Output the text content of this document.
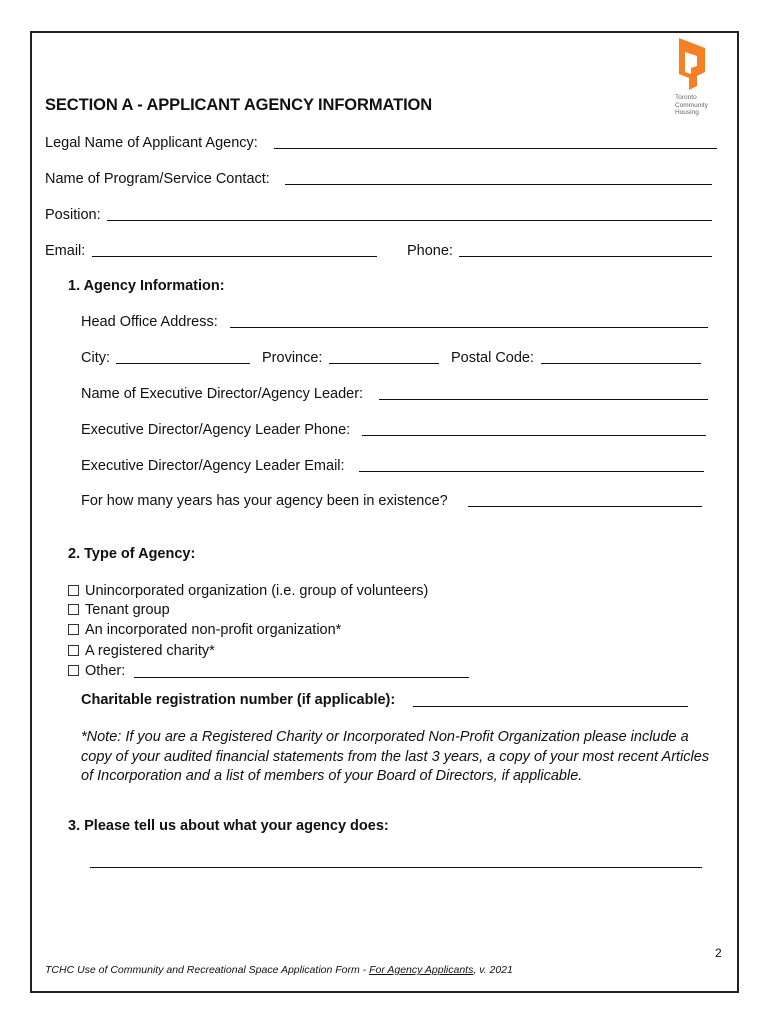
Toronto
Community
Housing
SECTION A - APPLICANT AGENCY INFORMATION
Legal Name of Applicant Agency:
Name of Program/Service Contact:
Position:
Email:	Phone:
1. Agency Information:
Head Office Address:
City:	Province:	Postal Code:
Name of Executive Director/Agency Leader:
Executive Director/Agency Leader Phone:
Executive Director/Agency Leader Email:
For how many years has your agency been in existence?
2. Type of Agency:
Unincorporated organization (i.e. group of volunteers)
Tenant group
An incorporated non-profit organization*
A registered charity*
Other:
Charitable registration number (if applicable):
*Note: If you are a Registered Charity or Incorporated Non-Profit Organization please include a copy of your audited financial statements from the last 3 years, a copy of your most recent Articles of Incorporation and a list of members of your Board of Directors, if applicable.
3. Please tell us about what your agency does:
2
TCHC Use of Community and Recreational Space Application Form - For Agency Applicants, v. 2021
